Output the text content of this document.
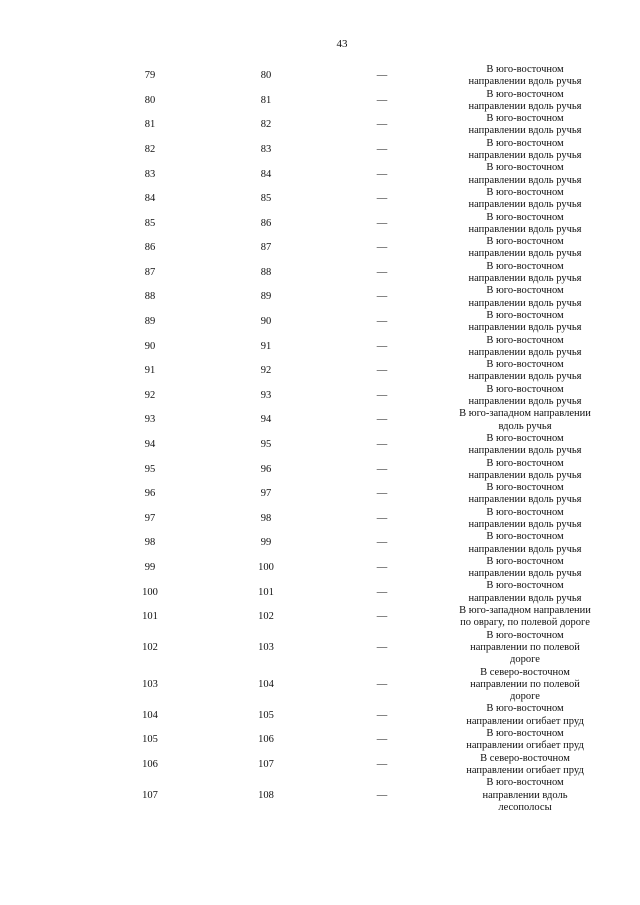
43
79	80	—
В юго-восточном
направлении вдоль ручья
80	81	—
В юго-восточном
направлении вдоль ручья
81	82	—
В юго-восточном
направлении вдоль ручья
82	83	—
В юго-восточном
направлении вдоль ручья
83	84	—
В юго-восточном
направлении вдоль ручья
84	85	—
В юго-восточном
направлении вдоль ручья
85	86	—
В юго-восточном
направлении вдоль ручья
86	87	—
В юго-восточном
направлении вдоль ручья
87	88	—
В юго-восточном
направлении вдоль ручья
88	89	—
В юго-восточном
направлении вдоль ручья
89	90	—
В юго-восточном
направлении вдоль ручья
90	91	—
В юго-восточном
направлении вдоль ручья
91	92	—
В юго-восточном
направлении вдоль ручья
92	93	—
В юго-восточном
направлении вдоль ручья
93	94	—
В юго-западном направлении
вдоль ручья
94	95	—
В юго-восточном
направлении вдоль ручья
95	96	—
В юго-восточном
направлении вдоль ручья
96	97	—
В юго-восточном
направлении вдоль ручья
97	98	—
В юго-восточном
направлении вдоль ручья
98	99	—
В юго-восточном
направлении вдоль ручья
99	100	—
В юго-восточном
направлении вдоль ручья
100	101	—
В юго-восточном
направлении вдоль ручья
101	102	—
В юго-западном направлении
по оврагу, по полевой дороге
102	103	—
В юго-восточном
направлении по полевой
дороге
103	104	—
В северо-восточном
направлении по полевой
дороге
104	105	—
В юго-восточном
направлении огибает пруд
105	106	—
В юго-восточном
направлении огибает пруд
106	107	—
В северо-восточном
направлении огибает пруд
107	108	—
В юго-восточном
направлении вдоль
лесополосы
